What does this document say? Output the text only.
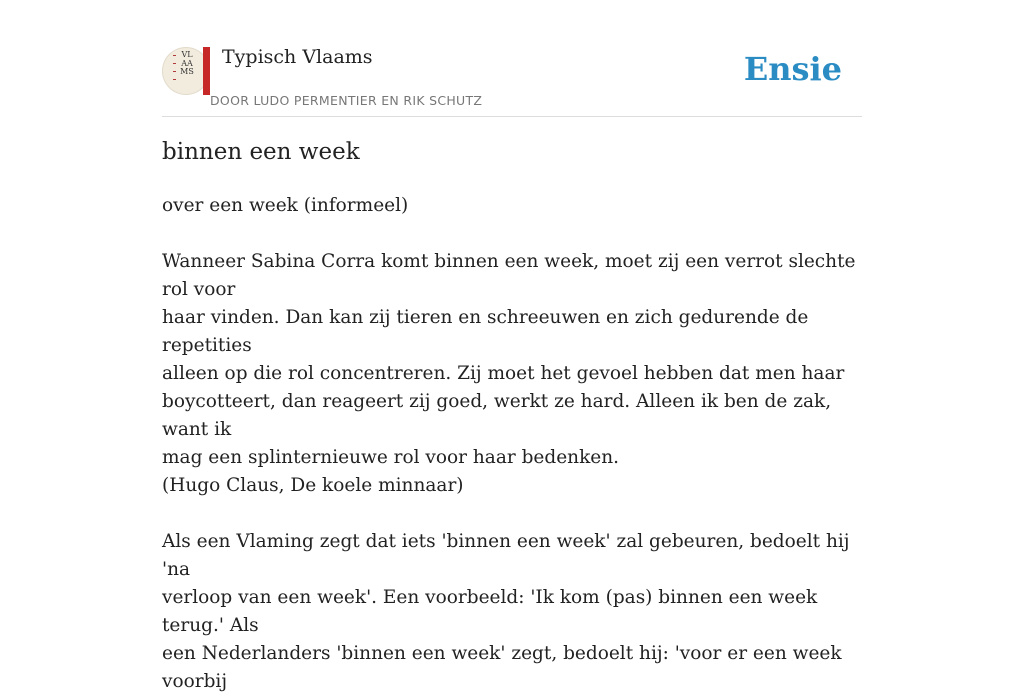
VLAAMS
Typisch Vlaams
DOOR LUDO PERMENTIER EN RIK SCHUTZ
Ensie
binnen een week

over een week (informeel)

Wanneer Sabina Corra komt binnen een week, moet zij een verrot slechte rol voor

haar vinden. Dan kan zij tieren en schreeuwen en zich gedurende de repetities

alleen op die rol concentreren. Zij moet het gevoel hebben dat men haar

boycotteert, dan reageert zij goed, werkt ze hard. Alleen ik ben de zak, want ik

mag een splinternieuwe rol voor haar bedenken.

(Hugo Claus, De koele minnaar)

Als een Vlaming zegt dat iets 'binnen een week' zal gebeuren, bedoelt hij 'na

verloop van een week'. Een voorbeeld: 'Ik kom (pas) binnen een week terug.' Als

een Nederlanders 'binnen een week' zegt, bedoelt hij: 'voor er een week voorbij
